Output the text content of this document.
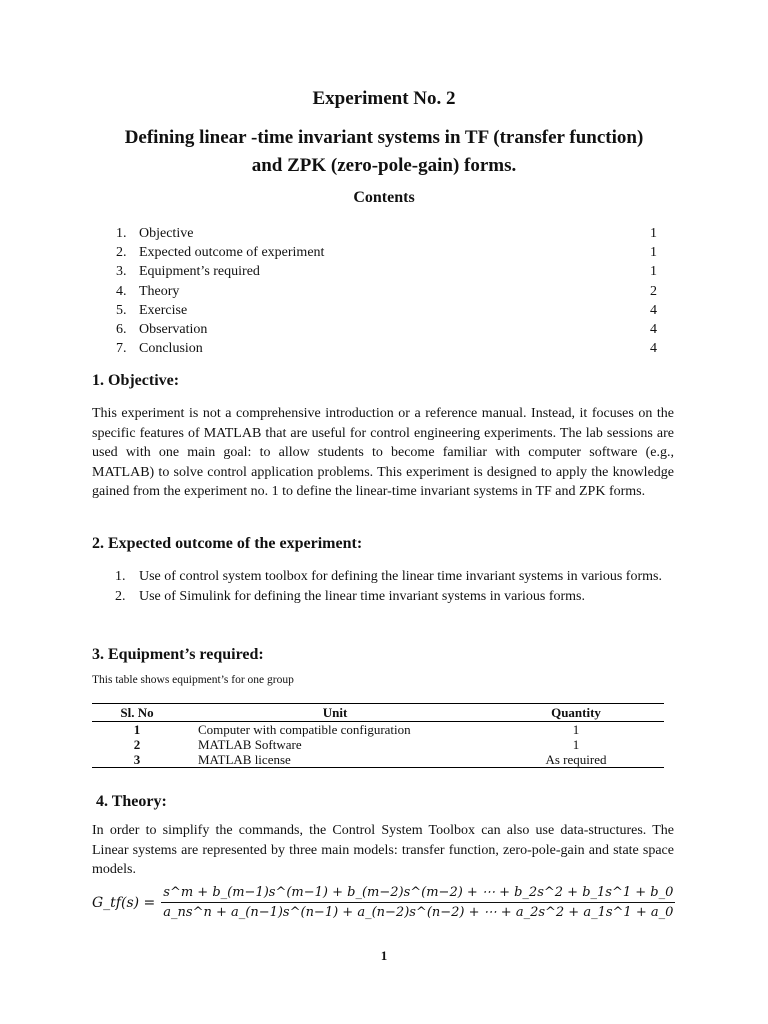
Experiment No. 2
Defining linear -time invariant systems in TF (transfer function)
and ZPK (zero-pole-gain) forms.
Contents
1. Objective	1
2. Expected outcome of experiment	1
3. Equipment’s required	1
4. Theory	2
5. Exercise	4
6. Observation	4
7. Conclusion	4
1. Objective:

This experiment is not a comprehensive introduction or a reference manual. Instead, it focuses on the specific features of MATLAB that are useful for control engineering experiments. The lab sessions are used with one main goal: to allow students to become familiar with computer software (e.g., MATLAB) to solve control application problems. This experiment is designed to apply the knowledge gained from the experiment no. 1 to define the linear-time invariant systems in TF and ZPK forms.

2. Expected outcome of the experiment:
1. Use of control system toolbox for defining the linear time invariant systems in various forms.
2. Use of Simulink for defining the linear time invariant systems in various forms.
3. Equipment’s required:
This table shows equipment’s for one group
Sl. No	Unit	Quantity
1	Computer with compatible configuration	1
2	MATLAB Software	1
3	MATLAB license	As required
4. Theory:

In order to simplify the commands, the Control System Toolbox can also use data-structures. The Linear systems are represented by three main models: transfer function, zero-pole-gain and state space models.

G_tf(s) =
s^m + b_(m−1)s^(m−1) + b_(m−2)s^(m−2) + ⋯ + b_2s^2 + b_1s^1 + b_0
a_ns^n + a_(n−1)s^(n−1) + a_(n−2)s^(n−2) + ⋯ + a_2s^2 + a_1s^1 + a_0
1
